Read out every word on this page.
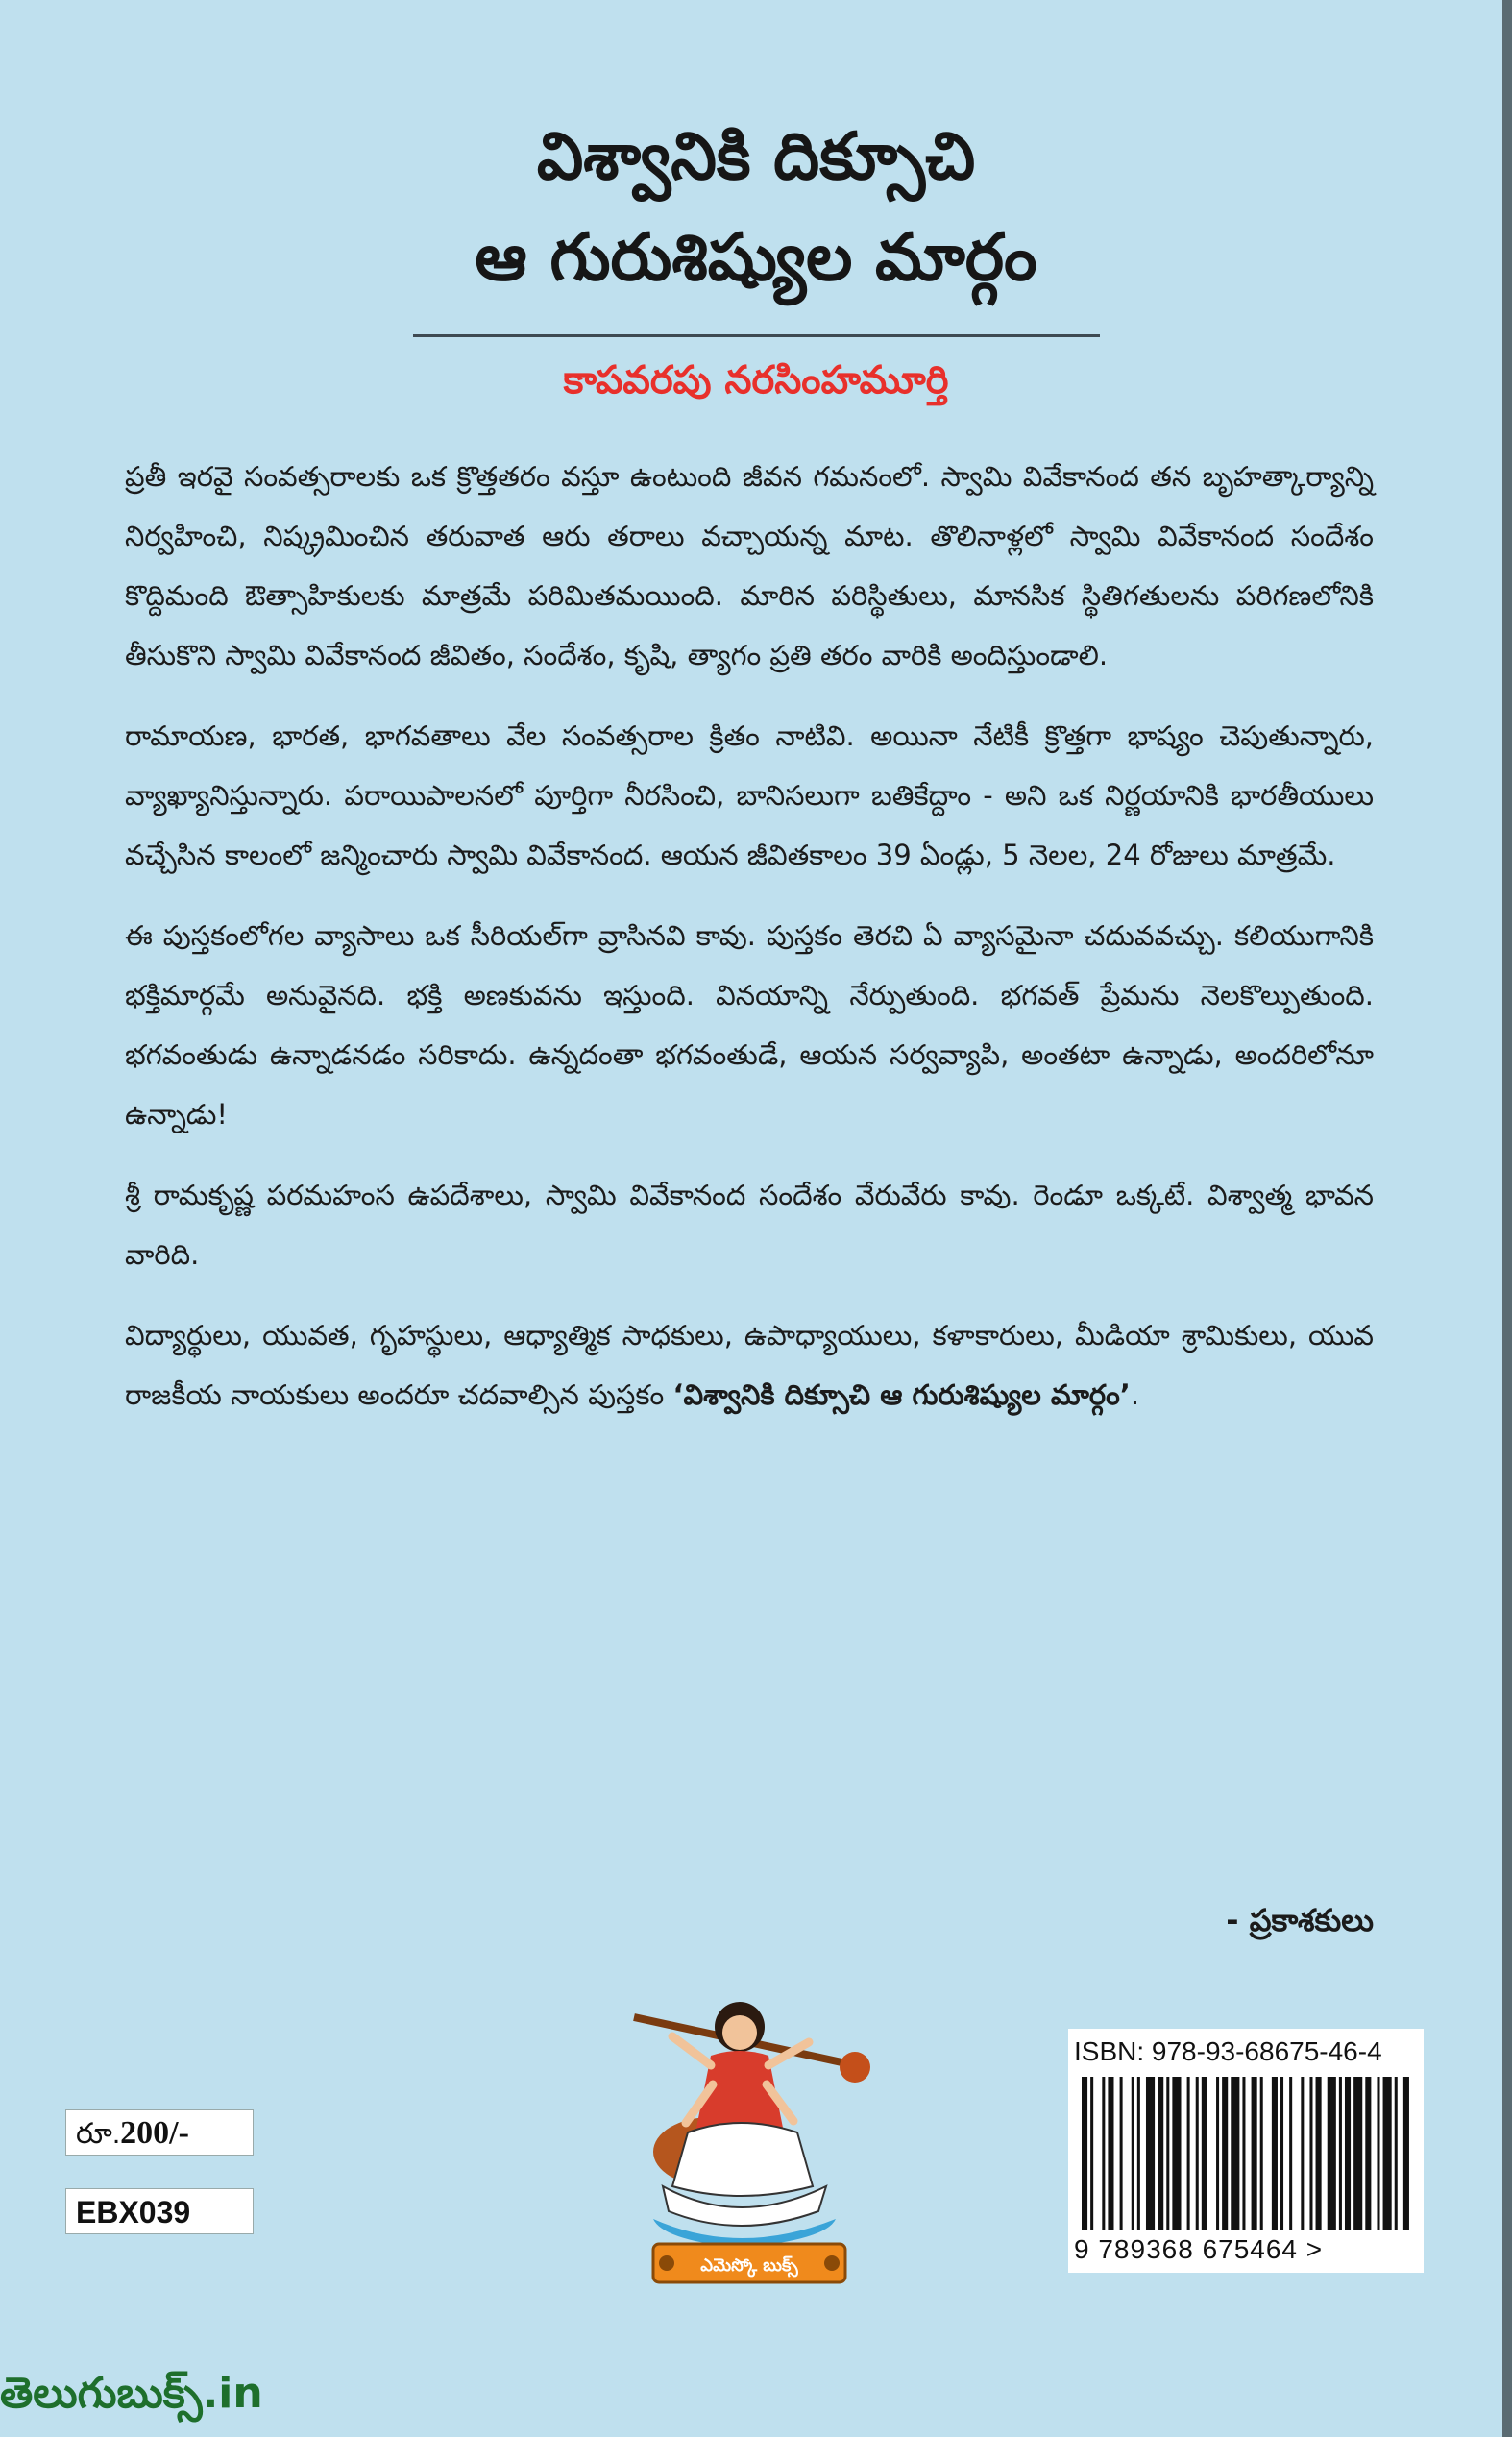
విశ్వానికి దిక్సూచి
ఆ గురుశిష్యుల మార్గం
కాపవరపు నరసింహమూర్తి

ప్రతీ ఇరవై సంవత్సరాలకు ఒక క్రొత్తతరం వస్తూ ఉంటుంది జీవన గమనంలో. స్వామి వివేకానంద తన బృహత్కార్యాన్ని నిర్వహించి, నిష్క్రమించిన తరువాత ఆరు తరాలు వచ్చాయన్న మాట. తొలినాళ్లలో స్వామి వివేకానంద సందేశం కొద్దిమంది ఔత్సాహికులకు మాత్రమే పరిమితమయింది. మారిన పరిస్థితులు, మానసిక స్థితిగతులను పరిగణలోనికి తీసుకొని స్వామి వివేకానంద జీవితం, సందేశం, కృషి, త్యాగం ప్రతి తరం వారికి అందిస్తుండాలి.

రామాయణ, భారత, భాగవతాలు వేల సంవత్సరాల క్రితం నాటివి. అయినా నేటికీ క్రొత్తగా భాష్యం చెపుతున్నారు, వ్యాఖ్యానిస్తున్నారు. పరాయిపాలనలో పూర్తిగా నీరసించి, బానిసలుగా బతికేద్దాం - అని ఒక నిర్ణయానికి భారతీయులు వచ్చేసిన కాలంలో జన్మించారు స్వామి వివేకానంద. ఆయన జీవితకాలం 39 ఏండ్లు, 5 నెలల, 24 రోజులు మాత్రమే.

ఈ పుస్తకంలోగల వ్యాసాలు ఒక సీరియల్‌గా వ్రాసినవి కావు. పుస్తకం తెరచి ఏ వ్యాసమైనా చదువవచ్చు. కలియుగానికి భక్తిమార్గమే అనువైనది. భక్తి అణకువను ఇస్తుంది. వినయాన్ని నేర్పుతుంది. భగవత్ ప్రేమను నెలకొల్పుతుంది. భగవంతుడు ఉన్నాడనడం సరికాదు. ఉన్నదంతా భగవంతుడే, ఆయన సర్వవ్యాపి, అంతటా ఉన్నాడు, అందరిలోనూ ఉన్నాడు!

శ్రీ రామకృష్ణ పరమహంస ఉపదేశాలు, స్వామి వివేకానంద సందేశం వేరువేరు కావు. రెండూ ఒక్కటే. విశ్వాత్మ భావన వారిది.

విద్యార్థులు, యువత, గృహస్థులు, ఆధ్యాత్మిక సాధకులు, ఉపాధ్యాయులు, కళాకారులు, మీడియా శ్రామికులు, యువ రాజకీయ నాయకులు అందరూ చదవాల్సిన పుస్తకం ‘విశ్వానికి దిక్సూచి ఆ గురుశిష్యుల మార్గం’.

- ప్రకాశకులు
ఎమెస్కో బుక్స్
రూ.200/-
EBX039
ISBN: 978-93-68675-46-4
9 789368 675464 >
తెలుగుబుక్స్.in
